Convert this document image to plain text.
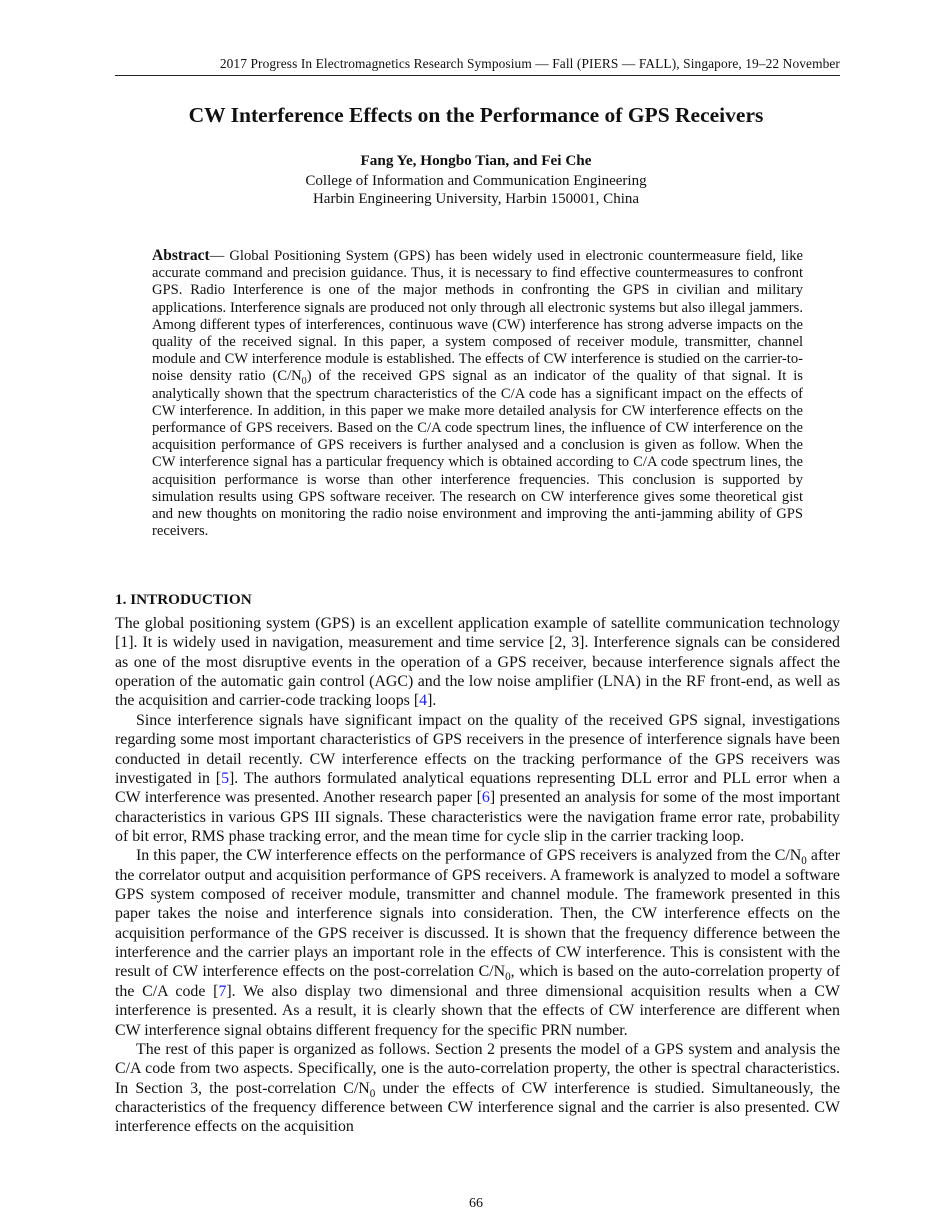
2017 Progress In Electromagnetics Research Symposium — Fall (PIERS — FALL), Singapore, 19–22 November
CW Interference Effects on the Performance of GPS Receivers
Fang Ye, Hongbo Tian, and Fei Che
College of Information and Communication Engineering
Harbin Engineering University, Harbin 150001, China
Abstract— Global Positioning System (GPS) has been widely used in electronic countermeasure field, like accurate command and precision guidance. Thus, it is necessary to find effective countermeasures to confront GPS. Radio Interference is one of the major methods in confronting the GPS in civilian and military applications. Interference signals are produced not only through all electronic systems but also illegal jammers. Among different types of interferences, continuous wave (CW) interference has strong adverse impacts on the quality of the received signal. In this paper, a system composed of receiver module, transmitter, channel module and CW interference module is established. The effects of CW interference is studied on the carrier-to-noise density ratio $(C/N_0)$ of the received GPS signal as an indicator of the quality of that signal. It is analytically shown that the spectrum characteristics of the C/A code has a significant impact on the effects of CW interference. In addition, in this paper we make more detailed analysis for CW interference effects on the performance of GPS receivers. Based on the C/A code spectrum lines, the influence of CW interference on the acquisition performance of GPS receivers is further analysed and a conclusion is given as follow. When the CW interference signal has a particular frequency which is obtained according to C/A code spectrum lines, the acquisition performance is worse than other interference frequencies. This conclusion is supported by simulation results using GPS software receiver. The research on CW interference gives some theoretical gist and new thoughts on monitoring the radio noise environment and improving the anti-jamming ability of GPS receivers.
1. INTRODUCTION

The global positioning system (GPS) is an excellent application example of satellite communication technology [1]. It is widely used in navigation, measurement and time service [2, 3]. Interference signals can be considered as one of the most disruptive events in the operation of a GPS receiver, because interference signals affect the operation of the automatic gain control (AGC) and the low noise amplifier (LNA) in the RF front-end, as well as the acquisition and carrier-code tracking loops [4].

Since interference signals have significant impact on the quality of the received GPS signal, investigations regarding some most important characteristics of GPS receivers in the presence of interference signals have been conducted in detail recently. CW interference effects on the tracking performance of the GPS receivers was investigated in [5]. The authors formulated analytical equations representing DLL error and PLL error when a CW interference was presented. Another research paper [6] presented an analysis for some of the most important characteristics in various GPS III signals. These characteristics were the navigation frame error rate, probability of bit error, RMS phase tracking error, and the mean time for cycle slip in the carrier tracking loop.

In this paper, the CW interference effects on the performance of GPS receivers is analyzed from the $C/N_0$ after the correlator output and acquisition performance of GPS receivers. A framework is analyzed to model a software GPS system composed of receiver module, transmitter and channel module. The framework presented in this paper takes the noise and interference signals into consideration. Then, the CW interference effects on the acquisition performance of the GPS receiver is discussed. It is shown that the frequency difference between the interference and the carrier plays an important role in the effects of CW interference. This is consistent with the result of CW interference effects on the post-correlation $C/N_0$, which is based on the auto-correlation property of the C/A code [7]. We also display two dimensional and three dimensional acquisition results when a CW interference is presented. As a result, it is clearly shown that the effects of CW interference are different when CW interference signal obtains different frequency for the specific PRN number.

The rest of this paper is organized as follows. Section 2 presents the model of a GPS system and analysis the C/A code from two aspects. Specifically, one is the auto-correlation property, the other is spectral characteristics. In Section 3, the post-correlation $C/N_0$ under the effects of CW interference is studied. Simultaneously, the characteristics of the frequency difference between CW interference signal and the carrier is also presented. CW interference effects on the acquisition

66
